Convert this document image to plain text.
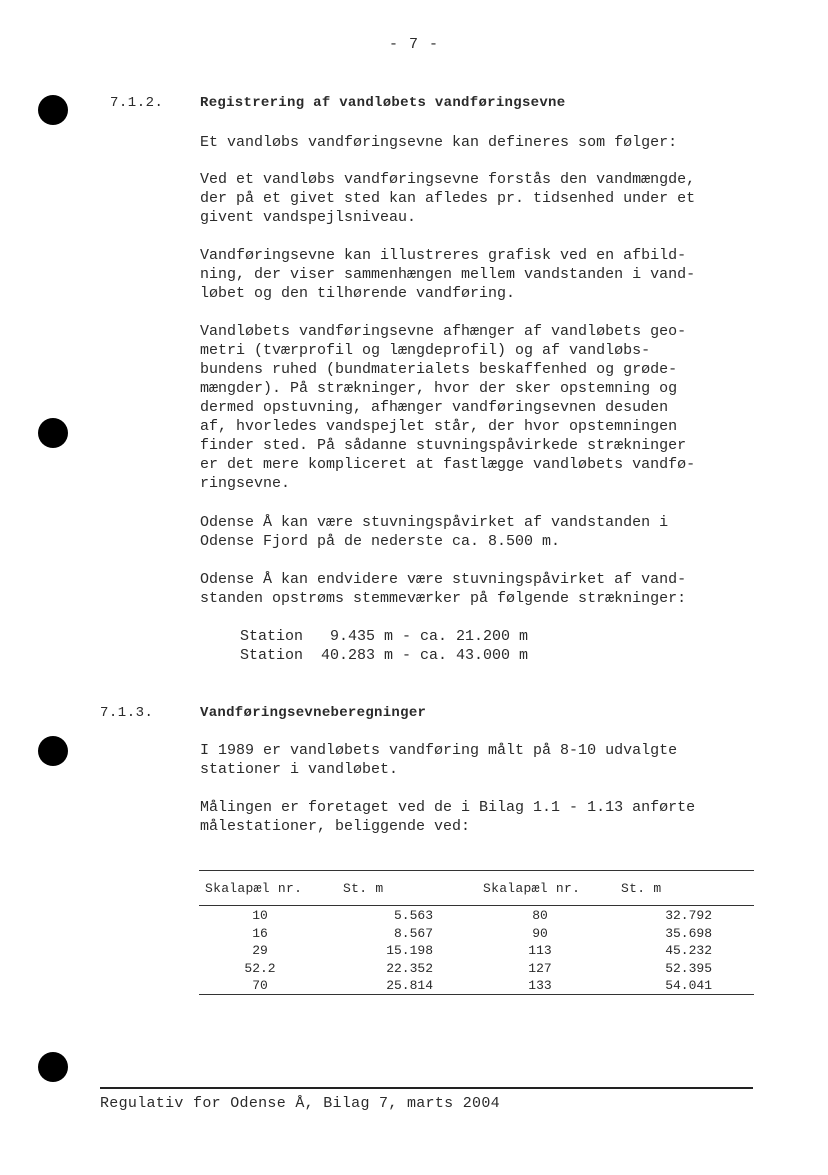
- 7 -
7.1.2.	Registrering af vandløbets vandføringsevne

Et vandløbs vandføringsevne kan defineres som følger:

Ved et vandløbs vandføringsevne forstås den vandmængde,
der på et givet sted kan afledes pr. tidsenhed under et
givent vandspejlsniveau.

Vandføringsevne kan illustreres grafisk ved en afbild-
ning, der viser sammenhængen mellem vandstanden i vand-
løbet og den tilhørende vandføring.

Vandløbets vandføringsevne afhænger af vandløbets geo-
metri (tværprofil og længdeprofil) og af vandløbs-
bundens ruhed (bundmaterialets beskaffenhed og grøde-
mængder). På strækninger, hvor der sker opstemning og
dermed opstuvning, afhænger vandføringsevnen desuden
af, hvorledes vandspejlet står, der hvor opstemningen
finder sted. På sådanne stuvningspåvirkede strækninger
er det mere kompliceret at fastlægge vandløbets vandfø-
ringsevne.

Odense Å kan være stuvningspåvirket af vandstanden i
Odense Fjord på de nederste ca. 8.500 m.

Odense Å kan endvidere være stuvningspåvirket af vand-
standen opstrøms stemmeværker på følgende strækninger:

Station   9.435 m - ca. 21.200 m
Station  40.283 m - ca. 43.000 m
7.1.3.	Vandføringsevneberegninger

I 1989 er vandløbets vandføring målt på 8-10 udvalgte
stationer i vandløbet.

Målingen er foretaget ved de i Bilag 1.1 - 1.13 anførte
målestationer, beliggende ved:

Skalapæl nr.	St. m	Skalapæl nr.	St. m
10	5.563	80	32.792
16	8.567	90	35.698
29	15.198	113	45.232
52.2	22.352	127	52.395
70	25.814	133	54.041
Regulativ for Odense Å, Bilag 7, marts 2004
